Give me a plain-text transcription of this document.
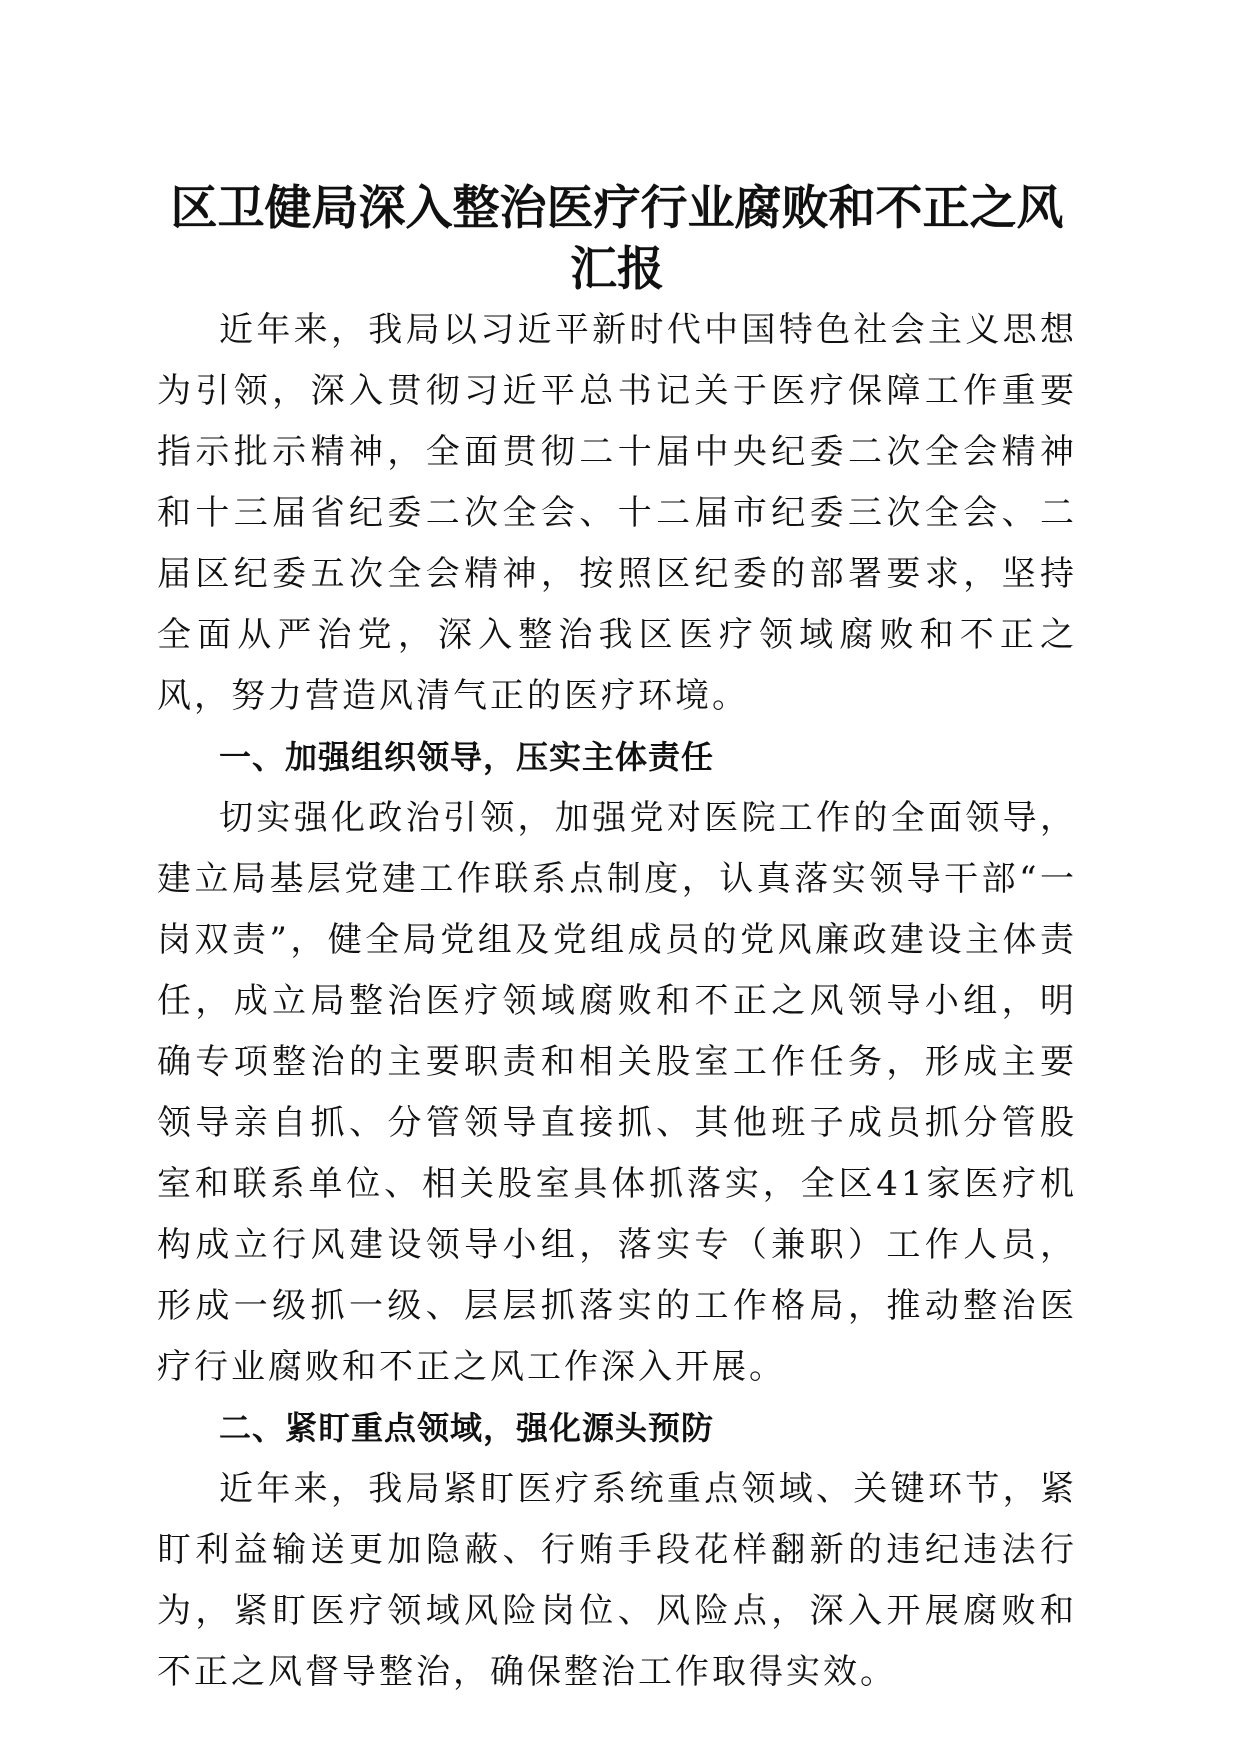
区卫健局深入整治医疗行业腐败和不正之风
汇报

近年来，我局以习近平新时代中国特色社会主义思想为引领，深入贯彻习近平总书记关于医疗保障工作重要指示批示精神，全面贯彻二十届中央纪委二次全会精神和十三届省纪委二次全会、十二届市纪委三次全会、二届区纪委五次全会精神，按照区纪委的部署要求，坚持全面从严治党，深入整治我区医疗领域腐败和不正之风，努力营造风清气正的医疗环境。

一、加强组织领导，压实主体责任

切实强化政治引领，加强党对医院工作的全面领导，建立局基层党建工作联系点制度，认真落实领导干部“一岗双责”，健全局党组及党组成员的党风廉政建设主体责任，成立局整治医疗领域腐败和不正之风领导小组，明确专项整治的主要职责和相关股室工作任务，形成主要领导亲自抓、分管领导直接抓、其他班子成员抓分管股室和联系单位、相关股室具体抓落实，全区41家医疗机构成立行风建设领导小组，落实专（兼职）工作人员，形成一级抓一级、层层抓落实的工作格局，推动整治医疗行业腐败和不正之风工作深入开展。

二、紧盯重点领域，强化源头预防

近年来，我局紧盯医疗系统重点领域、关键环节，紧盯利益输送更加隐蔽、行贿手段花样翻新的违纪违法行为，紧盯医疗领域风险岗位、风险点，深入开展腐败和不正之风督导整治，确保整治工作取得实效。
